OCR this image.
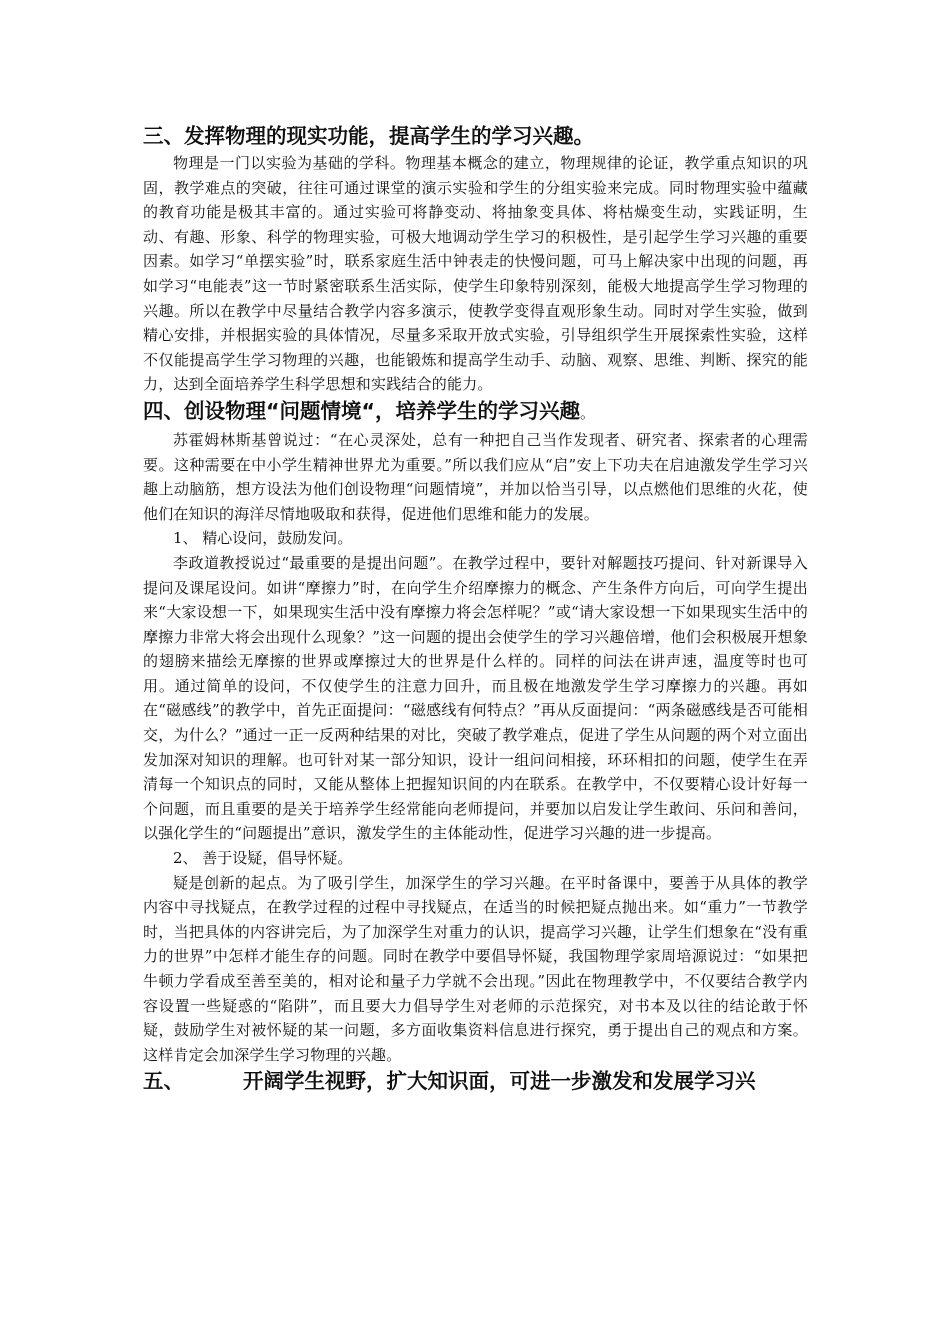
三、发挥物理的现实功能，提高学生的学习兴趣。

物理是一门以实验为基础的学科。物理基本概念的建立，物理规律的论证，教学重点知识的巩固，教学难点的突破，往往可通过课堂的演示实验和学生的分组实验来完成。同时物理实验中蕴藏的教育功能是极其丰富的。通过实验可将静变动、将抽象变具体、将枯燥变生动，实践证明，生动、有趣、形象、科学的物理实验，可极大地调动学生学习的积极性，是引起学生学习兴趣的重要因素。如学习“单摆实验”时，联系家庭生活中钟表走的快慢问题，可马上解决家中出现的问题，再如学习“电能表”这一节时紧密联系生活实际，使学生印象特别深刻，能极大地提高学生学习物理的兴趣。所以在教学中尽量结合教学内容多演示，使教学变得直观形象生动。同时对学生实验，做到精心安排，并根据实验的具体情况，尽量多采取开放式实验，引导组织学生开展探索性实验，这样不仅能提高学生学习物理的兴趣，也能锻炼和提高学生动手、动脑、观察、思维、判断、探究的能力，达到全面培养学生科学思想和实践结合的能力。

四、创设物理“问题情境“，培养学生的学习兴趣。

苏霍姆林斯基曾说过：“在心灵深处，总有一种把自己当作发现者、研究者、探索者的心理需要。这种需要在中小学生精神世界尤为重要。”所以我们应从“启”安上下功夫在启迪激发学生学习兴趣上动脑筋，想方设法为他们创设物理“问题情境”，并加以恰当引导，以点燃他们思维的火花，使他们在知识的海洋尽情地吸取和获得，促进他们思维和能力的发展。

1、 精心设问，鼓励发问。

李政道教授说过“最重要的是提出问题”。在教学过程中，要针对解题技巧提问、针对新课导入提问及课尾设问。如讲“摩擦力”时，在向学生介绍摩擦力的概念、产生条件方向后，可向学生提出来“大家设想一下，如果现实生活中没有摩擦力将会怎样呢？”或“请大家设想一下如果现实生活中的摩擦力非常大将会出现什么现象？”这一问题的提出会使学生的学习兴趣倍增，他们会积极展开想象的翅膀来描绘无摩擦的世界或摩擦过大的世界是什么样的。同样的问法在讲声速，温度等时也可用。通过简单的设问，不仅使学生的注意力回升，而且极在地激发学生学习摩擦力的兴趣。再如在“磁感线”的教学中，首先正面提问：“磁感线有何特点？”再从反面提问：“两条磁感线是否可能相交，为什么？”通过一正一反两种结果的对比，突破了教学难点，促进了学生从问题的两个对立面出发加深对知识的理解。也可针对某一部分知识，设计一组问问相接，环环相扣的问题，使学生在弄清每一个知识点的同时，又能从整体上把握知识间的内在联系。在教学中，不仅要精心设计好每一个问题，而且重要的是关于培养学生经常能向老师提问，并要加以启发让学生敢问、乐问和善问，以强化学生的“问题提出”意识，激发学生的主体能动性，促进学习兴趣的进一步提高。

2、 善于设疑，倡导怀疑。

疑是创新的起点。为了吸引学生，加深学生的学习兴趣。在平时备课中，要善于从具体的教学内容中寻找疑点，在教学过程的过程中寻找疑点，在适当的时候把疑点抛出来。如“重力”一节教学时，当把具体的内容讲完后，为了加深学生对重力的认识，提高学习兴趣，让学生们想象在“没有重力的世界”中怎样才能生存的问题。同时在教学中要倡导怀疑，我国物理学家周培源说过：“如果把牛顿力学看成至善至美的，相对论和量子力学就不会出现。”因此在物理教学中，不仅要结合教学内容设置一些疑惑的“陷阱”，而且要大力倡导学生对老师的示范探究，对书本及以往的结论敢于怀疑，鼓励学生对被怀疑的某一问题，多方面收集资料信息进行探究，勇于提出自己的观点和方案。这样肯定会加深学生学习物理的兴趣。

五、	开阔学生视野，扩大知识面，可进一步激发和发展学习兴
